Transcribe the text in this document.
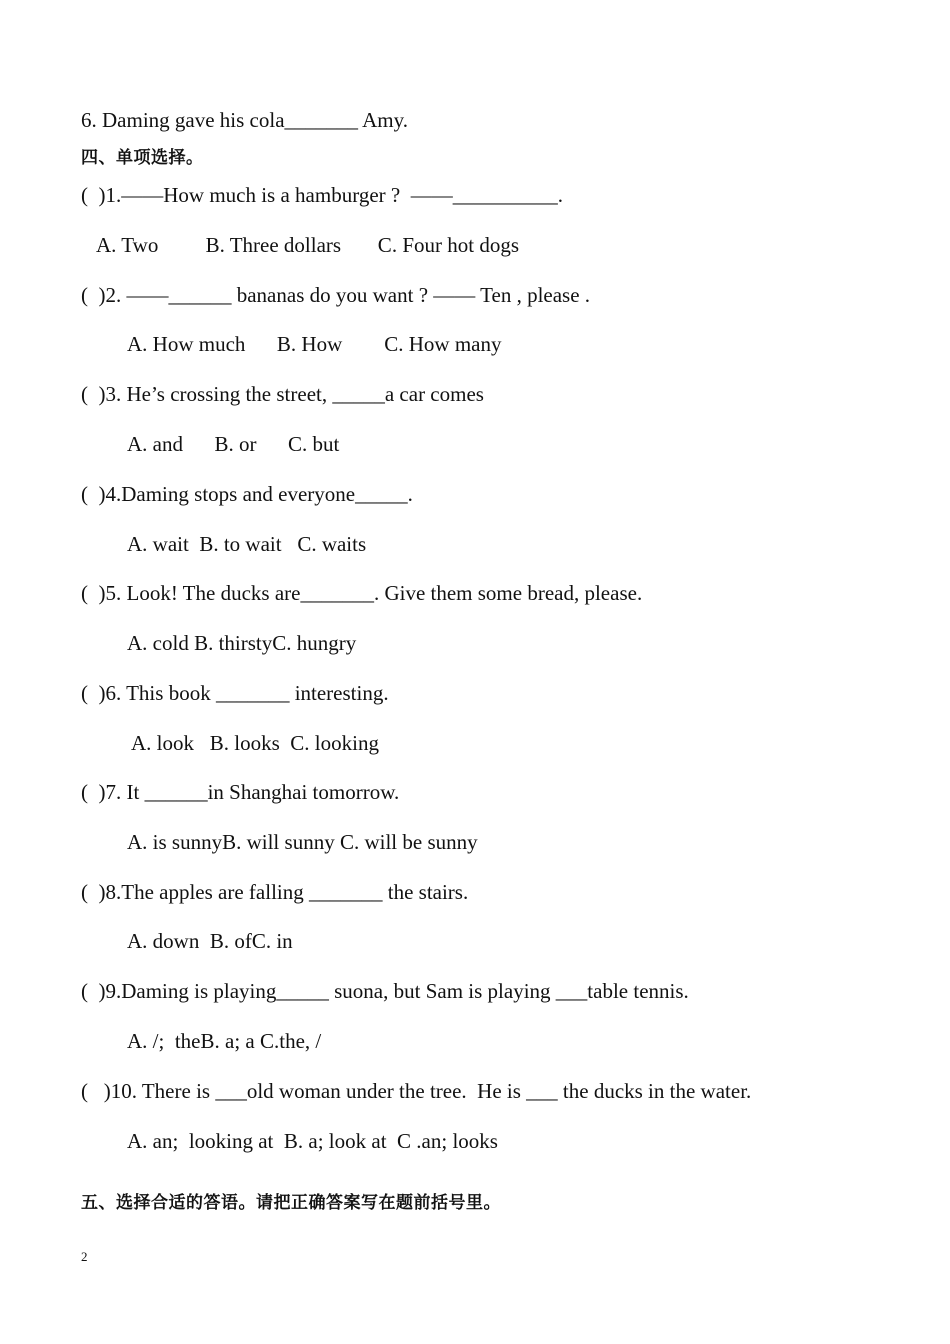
6. Daming gave his cola_______ Amy.
四、单项选择。
(  )1.——How much is a hamburger ?  ——__________.
A. Two         B. Three dollars       C. Four hot dogs
(  )2. ——______ bananas do you want ? —— Ten , please .
A. How much      B. How        C. How many
(  )3. He’s crossing the street, _____a car comes
A. and      B. or      C. but
(  )4.Daming stops and everyone_____.
A. wait  B. to wait   C. waits
(  )5. Look! The ducks are_______. Give them some bread, please.
A. cold B. thirstyC. hungry
(  )6. This book _______ interesting.
A. look   B. looks  C. looking
(  )7. It ______in Shanghai tomorrow.
A. is sunnyB. will sunny C. will be sunny
(  )8.The apples are falling _______ the stairs.
A. down  B. ofC. in
(  )9.Daming is playing_____ suona, but Sam is playing ___table tennis.
A. /;  theB. a; a C.the, /
(   )10. There is ___old woman under the tree.  He is ___ the ducks in the water.
A. an;  looking at  B. a; look at  C .an; looks
五、选择合适的答语。请把正确答案写在题前括号里。
2
